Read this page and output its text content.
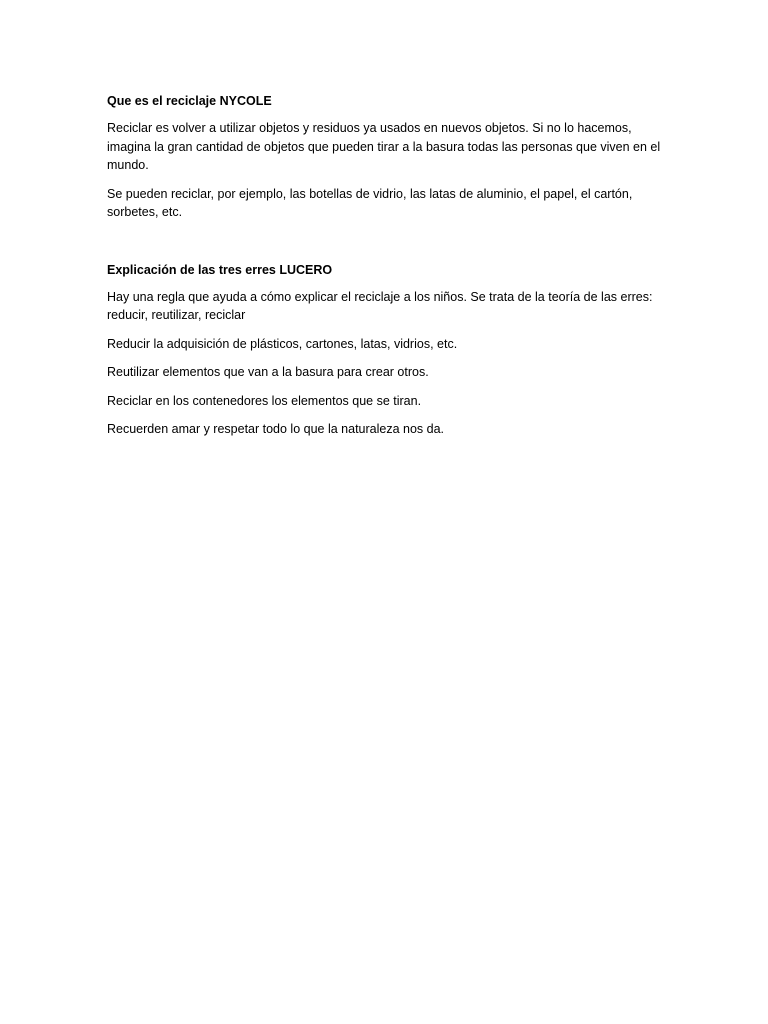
Que es el reciclaje NYCOLE

Reciclar es volver a utilizar objetos y residuos ya usados en nuevos objetos. Si no lo hacemos, imagina la gran cantidad de objetos que pueden tirar a la basura todas las personas que viven en el mundo.

Se pueden reciclar, por ejemplo, las botellas de vidrio, las latas de aluminio, el papel, el cartón, sorbetes, etc.

Explicación de las tres erres LUCERO

Hay una regla que ayuda a cómo explicar el reciclaje a los niños. Se trata de la teoría de las erres: reducir, reutilizar, reciclar

Reducir la adquisición de plásticos, cartones, latas, vidrios, etc.

Reutilizar elementos que van a la basura para crear otros.

Reciclar en los contenedores los elementos que se tiran.

Recuerden amar y respetar todo lo que la naturaleza nos da.
